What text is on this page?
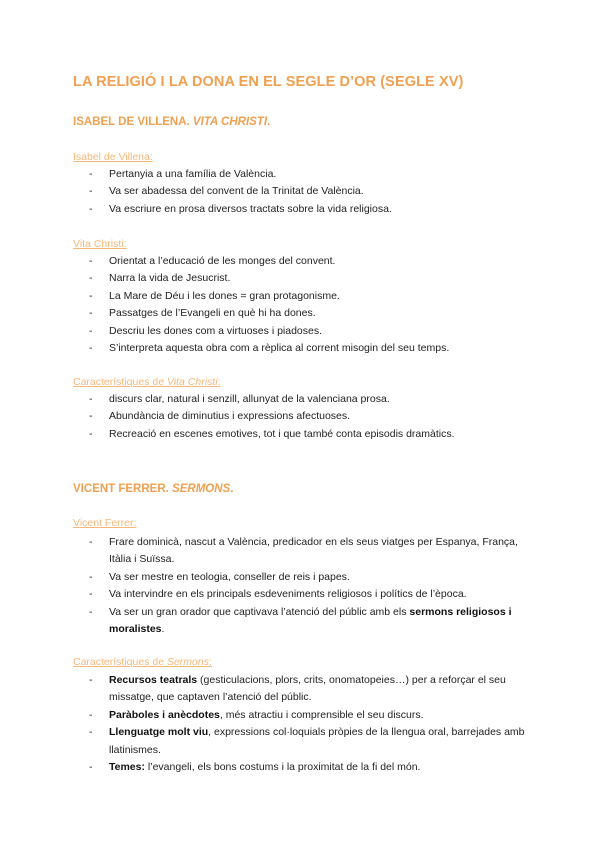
LA RELIGIÓ I LA DONA EN EL SEGLE D’OR (SEGLE XV)
ISABEL DE VILLENA. VITA CHRISTI.
Isabel de Villena:
- Pertanyia a una família de València.
- Va ser abadessa del convent de la Trinitat de València.
- Va escriure en prosa diversos tractats sobre la vida religiosa.
Vita Christi:
- Orientat a l’educació de les monges del convent.
- Narra la vida de Jesucrist.
- La Mare de Déu i les dones = gran protagonisme.
- Passatges de l’Evangeli en què hi ha dones.
- Descriu les dones com a virtuoses i piadoses.
- S’interpreta aquesta obra com a rèplica al corrent misogin del seu temps.
Característiques de Vita Christi:
- discurs clar, natural i senzill, allunyat de la valenciana prosa.
- Abundància de diminutius i expressions afectuoses.
- Recreació en escenes emotives, tot i que també conta episodis dramàtics.
VICENT FERRER. SERMONS.
Vicent Ferrer:
- Frare dominicà, nascut a València, predicador en els seus viatges per Espanya, França, Itàlia i Suïssa.
- Va ser mestre en teologia, conseller de reis i papes.
- Va intervindre en els principals esdeveniments religiosos i polítics de l’època.
- Va ser un gran orador que captivava l’atenció del públic amb els sermons religiosos i moralistes.
Característiques de Sermons:
- Recursos teatrals (gesticulacions, plors, crits, onomatopeies…) per a reforçar el seu missatge, que captaven l’atenció del públic.
- Paràboles i anècdotes, més atractiu i comprensible el seu discurs.
- Llenguatge molt viu, expressions col·loquials pròpies de la llengua oral, barrejades amb llatinismes.
- Temes: l’evangeli, els bons costums i la proximitat de la fi del món.
